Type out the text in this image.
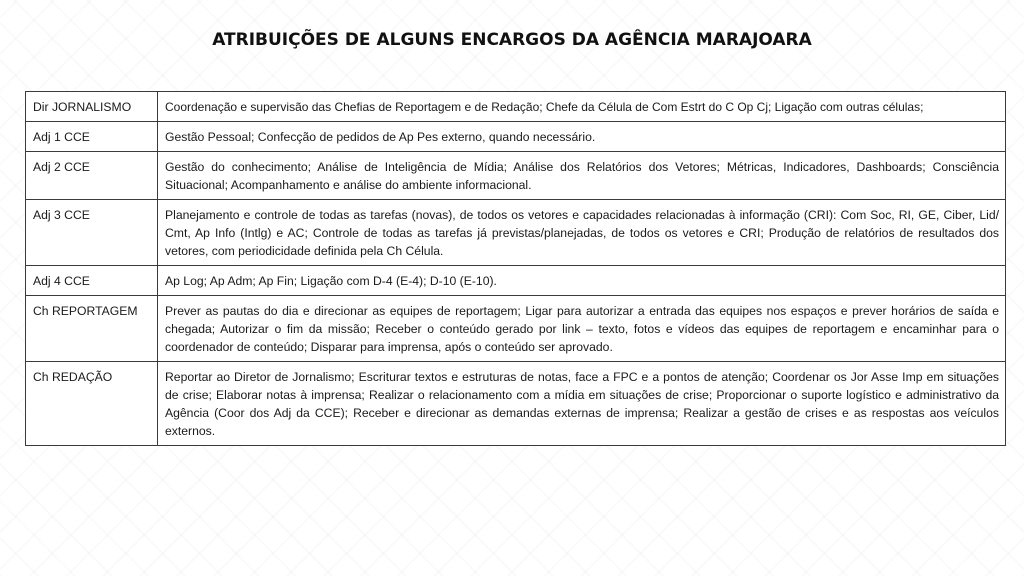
ATRIBUIÇÕES DE ALGUNS ENCARGOS DA AGÊNCIA MARAJOARA
Dir JORNALISMO	Coordenação e supervisão das Chefias de Reportagem e de Redação; Chefe da Célula de Com Estrt do C Op Cj; Ligação com outras células;
Adj 1 CCE	Gestão Pessoal; Confecção de pedidos de Ap Pes externo, quando necessário.
Adj 2 CCE	Gestão do conhecimento; Análise de Inteligência de Mídia; Análise dos Relatórios dos Vetores; Métricas, Indicadores, Dashboards; Consciência Situacional; Acompanhamento e análise do ambiente informacional.
Adj 3 CCE	Planejamento e controle de todas as tarefas (novas), de todos os vetores e capacidades relacionadas à informação (CRI): Com Soc, RI, GE, Ciber, Lid/ Cmt, Ap Info (Intlg) e AC; Controle de todas as tarefas já previstas/planejadas, de todos os vetores e CRI; Produção de relatórios de resultados dos vetores, com periodicidade definida pela Ch Célula.
Adj 4 CCE	Ap Log; Ap Adm; Ap Fin; Ligação com D-4 (E-4); D-10 (E-10).
Ch REPORTAGEM	Prever as pautas do dia e direcionar as equipes de reportagem; Ligar para autorizar a entrada das equipes nos espaços e prever horários de saída e chegada; Autorizar o fim da missão; Receber o conteúdo gerado por link – texto, fotos e vídeos das equipes de reportagem e encaminhar para o coordenador de conteúdo; Disparar para imprensa, após o conteúdo ser aprovado.
Ch REDAÇÃO	Reportar ao Diretor de Jornalismo; Escriturar textos e estruturas de notas, face a FPC e a pontos de atenção; Coordenar os Jor Asse Imp em situações de crise; Elaborar notas à imprensa; Realizar o relacionamento com a mídia em situações de crise; Proporcionar o suporte logístico e administrativo da Agência (Coor dos Adj da CCE); Receber e direcionar as demandas externas de imprensa; Realizar a gestão de crises e as respostas aos veículos externos.
